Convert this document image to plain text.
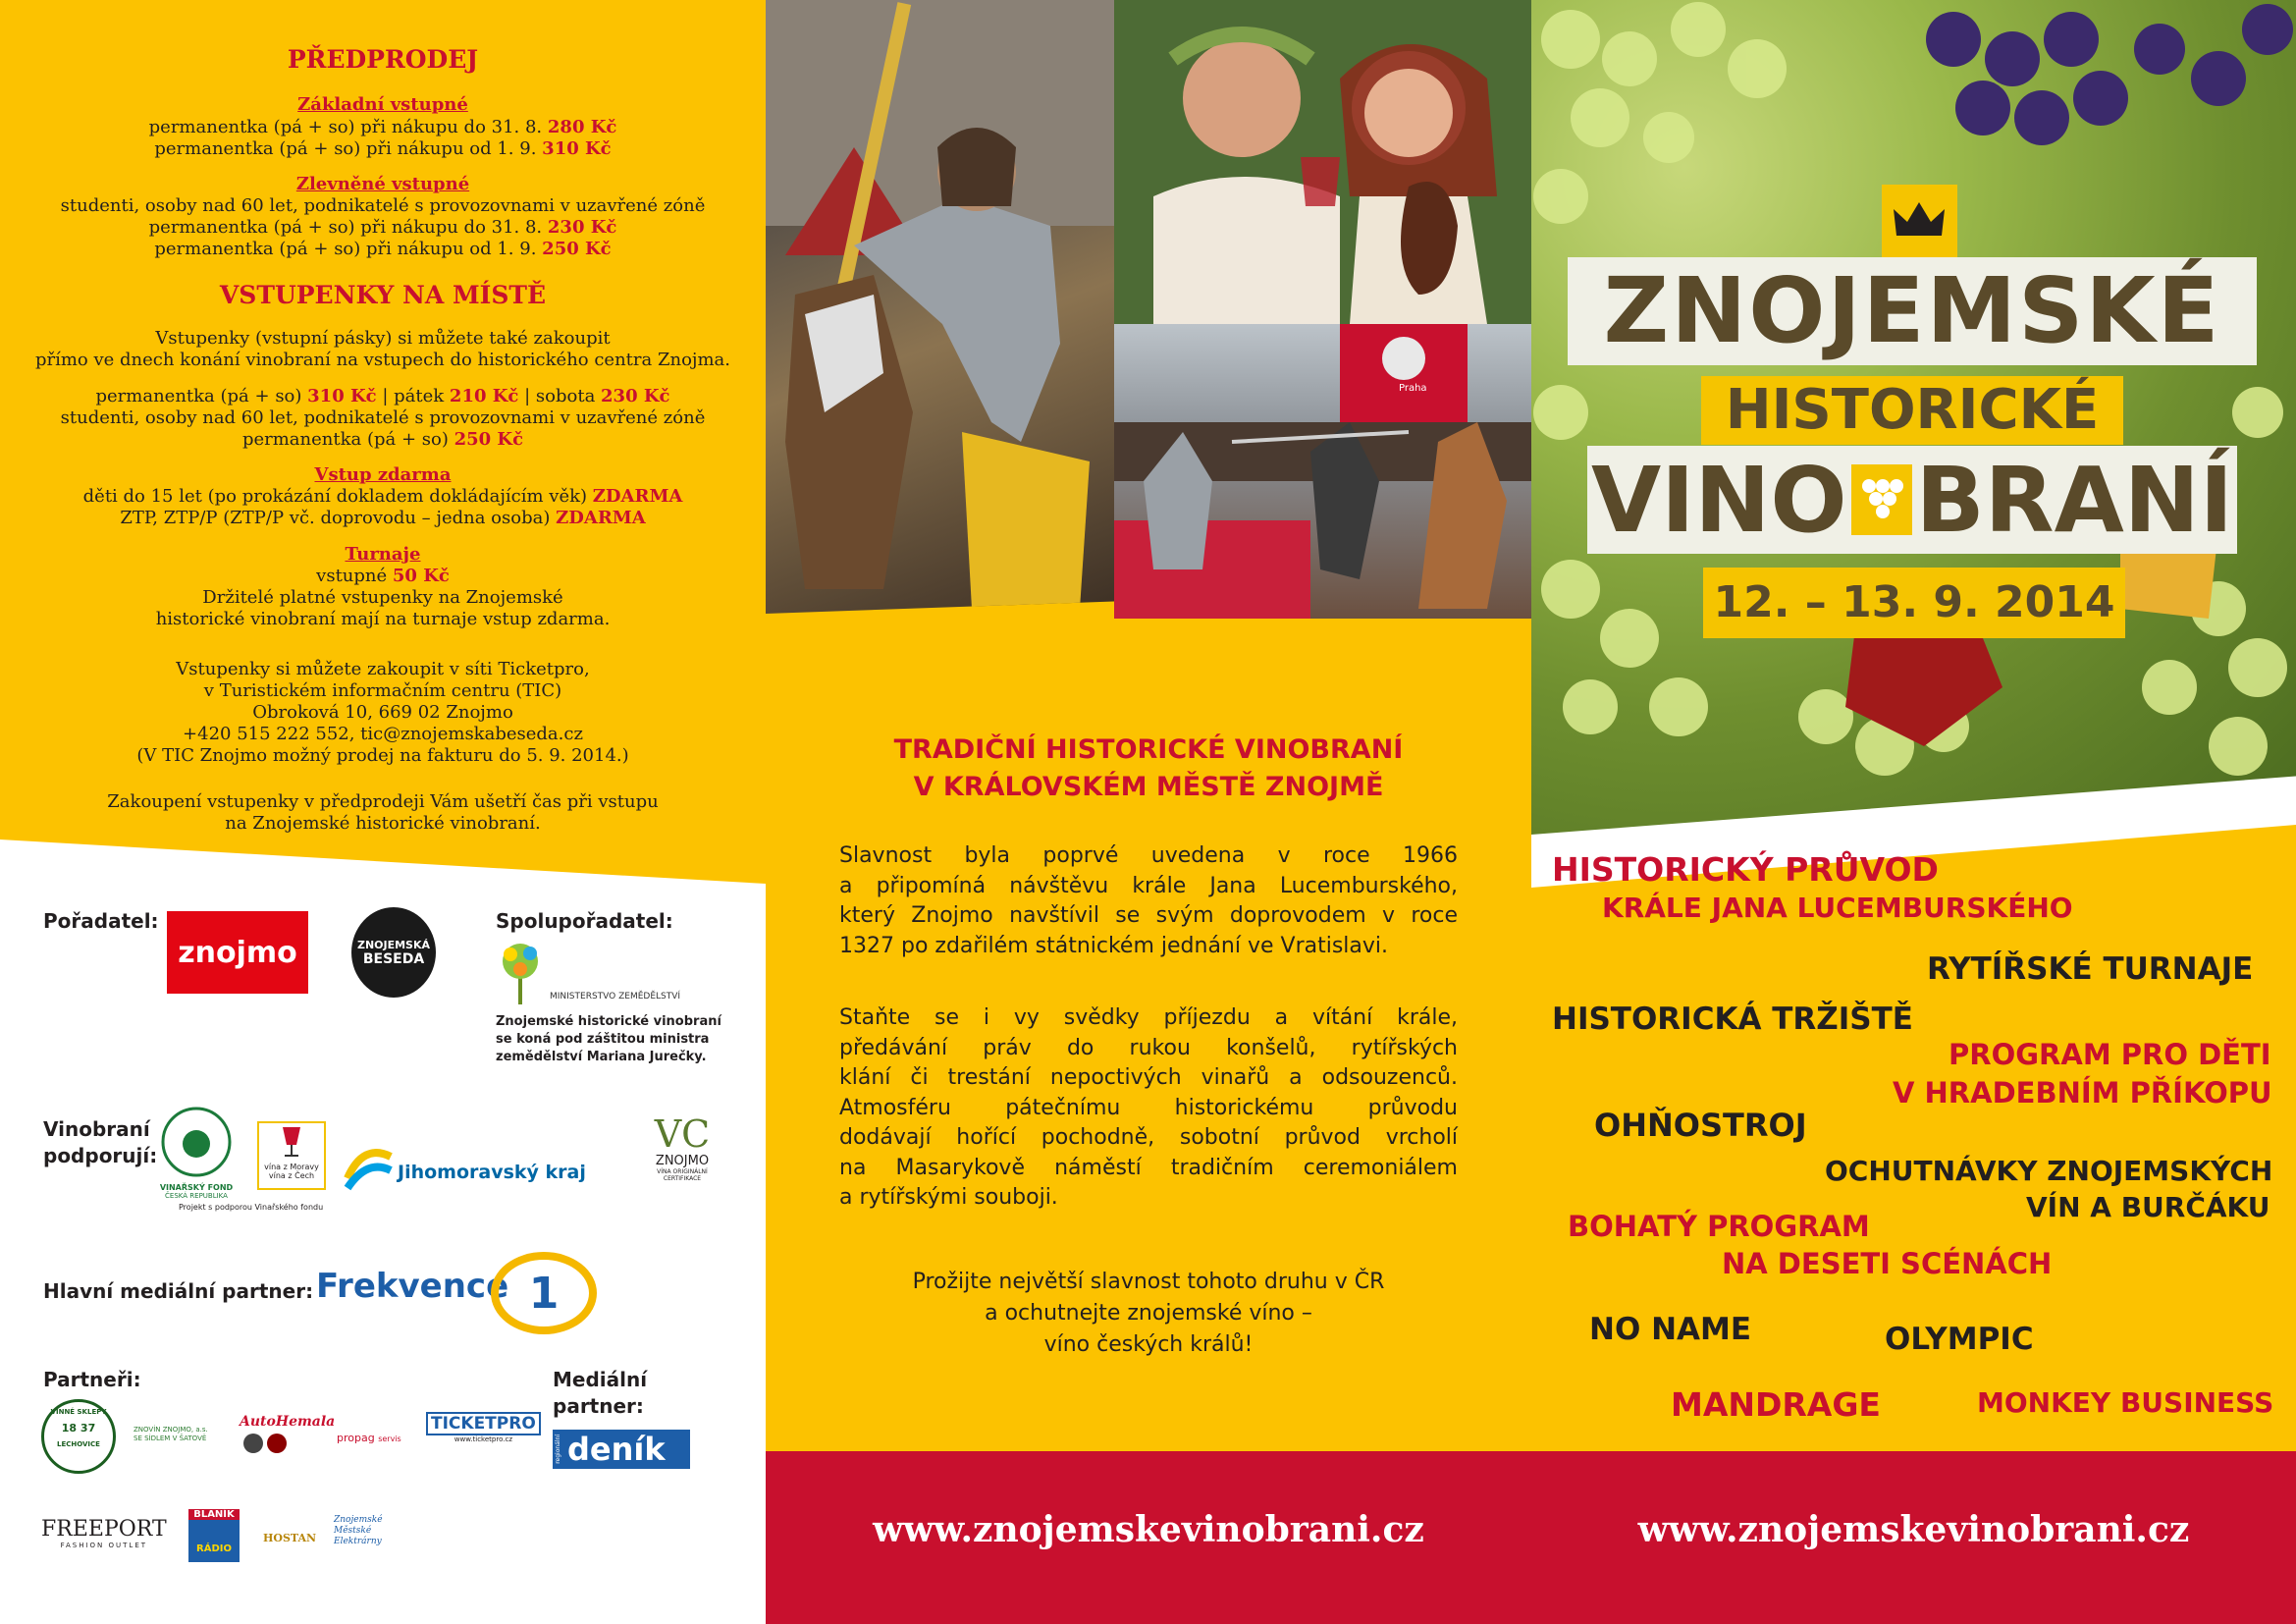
PŘEDPRODEJ
Základní vstupné
permanentka (pá + so) při nákupu do 31. 8. 280 Kč
permanentka (pá + so) při nákupu od 1. 9. 310 Kč
Zlevněné vstupné
studenti, osoby nad 60 let, podnikatelé s provozovnami v uzavřené zóně
permanentka (pá + so) při nákupu do 31. 8. 230 Kč
permanentka (pá + so) při nákupu od 1. 9. 250 Kč
VSTUPENKY NA MÍSTĚ
Vstupenky (vstupní pásky) si můžete také zakoupit
přímo ve dnech konání vinobraní na vstupech do historického centra Znojma.
permanentka (pá + so) 310 Kč | pátek 210 Kč | sobota 230 Kč
studenti, osoby nad 60 let, podnikatelé s provozovnami v uzavřené zóně
permanentka (pá + so) 250 Kč
Vstup zdarma
děti do 15 let (po prokázání dokladem dokládajícím věk) ZDARMA
ZTP, ZTP/P (ZTP/P vč. doprovodu – jedna osoba) ZDARMA
Turnaje
vstupné 50 Kč
Držitelé platné vstupenky na Znojemské
historické vinobraní mají na turnaje vstup zdarma.
Vstupenky si můžete zakoupit v síti Ticketpro,
v Turistickém informačním centru (TIC)
Obroková 10, 669 02 Znojmo
+420 515 222 552, tic@znojemskabeseda.cz
(V TIC Znojmo možný prodej na fakturu do 5. 9. 2014.)
Zakoupení vstupenky v předprodeji Vám ušetří čas při vstupu
na Znojemské historické vinobraní.
Pořadatel:
znojmo	ZNOJEMSKÁ
BESEDA
Spolupořadatel:
MINISTERSTVO ZEMĚDĚLSTVÍ
Znojemské historické vinobraní
se koná pod záštitou ministra
zemědělství Mariana Jurečky.
Vinobraní
podporují:
VINAŘSKÝ FOND
ČESKÁ REPUBLIKA
Projekt s podporou Vinařského fondu
vína z Moravy
vína z Čech	Jihomoravský kraj
VC
ZNOJMO
VÍNA ORIGINÁLNÍ CERTIFIKACE
Hlavní mediální partner: Frekvence 1
Partneři:	Mediální
partner:
VINNÉ SKLEPY
18 37
LECHOVICE
ZNOVÍN ZNOJMO, a.s.
SE SÍDLEM V ŠATOVĚ
AutoHemala
propag servis
TICKETPRO
www.ticketpro.cz	regionální deník
FREEPORT
FASHION OUTLET
BLANÍK
RÁDIO
HOSTAN
Znojemské
Městské
Elektrárny
Praha
TRADIČNÍ HISTORICKÉ VINOBRANÍ
V KRÁLOVSKÉM MĚSTĚ ZNOJMĚ
Slavnost byla poprvé uvedena v roce 1966
a připomíná návštěvu krále Jana Lucemburského,
který Znojmo navštívil se svým doprovodem v roce
1327 po zdařilém státnickém jednání ve Vratislavi.
Staňte se i vy svědky příjezdu a vítání krále,
předávání práv do rukou konšelů, rytířských
klání či trestání nepoctivých vinařů a odsouzenců.
Atmosféru pátečnímu historickému průvodu
dodávají hořící pochodně, sobotní průvod vrcholí
na Masarykově náměstí tradičním ceremoniálem
a rytířskými souboji.
Prožijte největší slavnost tohoto druhu v ČR
a ochutnejte znojemské víno –
víno českých králů!
ZNOJEMSKÉ
HISTORICKÉ
VINO BRANÍ
12. – 13. 9. 2014
HISTORICKÝ PRŮVOD
KRÁLE JANA LUCEMBURSKÉHO
RYTÍŘSKÉ TURNAJE
HISTORICKÁ TRŽIŠTĚ
PROGRAM PRO DĚTI
V HRADEBNÍM PŘÍKOPU
OHŇOSTROJ
OCHUTNÁVKY ZNOJEMSKÝCH
VÍN A BURČÁKU
BOHATÝ PROGRAM
NA DESETI SCÉNÁCH
NO NAME	OLYMPIC
MANDRAGE	MONKEY BUSINESS
www.znojemskevinobrani.cz	www.znojemskevinobrani.cz
